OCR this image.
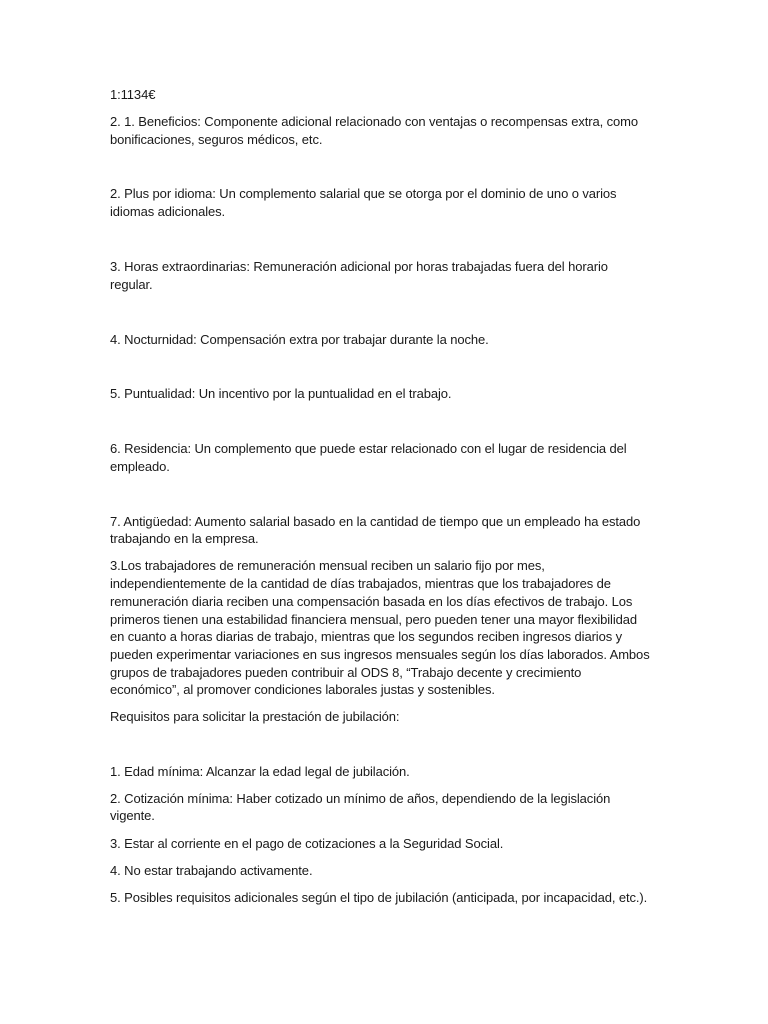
1:1134€
2. 1. Beneficios: Componente adicional relacionado con ventajas o recompensas extra, como
bonificaciones, seguros médicos, etc.
2. Plus por idioma: Un complemento salarial que se otorga por el dominio de uno o varios
idiomas adicionales.
3. Horas extraordinarias: Remuneración adicional por horas trabajadas fuera del horario
regular.
4. Nocturnidad: Compensación extra por trabajar durante la noche.
5. Puntualidad: Un incentivo por la puntualidad en el trabajo.
6. Residencia: Un complemento que puede estar relacionado con el lugar de residencia del
empleado.
7. Antigüedad: Aumento salarial basado en la cantidad de tiempo que un empleado ha estado
trabajando en la empresa.
3.Los trabajadores de remuneración mensual reciben un salario fijo por mes,
independientemente de la cantidad de días trabajados, mientras que los trabajadores de
remuneración diaria reciben una compensación basada en los días efectivos de trabajo. Los
primeros tienen una estabilidad financiera mensual, pero pueden tener una mayor flexibilidad
en cuanto a horas diarias de trabajo, mientras que los segundos reciben ingresos diarios y
pueden experimentar variaciones en sus ingresos mensuales según los días laborados. Ambos
grupos de trabajadores pueden contribuir al ODS 8, “Trabajo decente y crecimiento
económico”, al promover condiciones laborales justas y sostenibles.
Requisitos para solicitar la prestación de jubilación:
1. Edad mínima: Alcanzar la edad legal de jubilación.
2. Cotización mínima: Haber cotizado un mínimo de años, dependiendo de la legislación
vigente.
3. Estar al corriente en el pago de cotizaciones a la Seguridad Social.
4. No estar trabajando activamente.
5. Posibles requisitos adicionales según el tipo de jubilación (anticipada, por incapacidad, etc.).
